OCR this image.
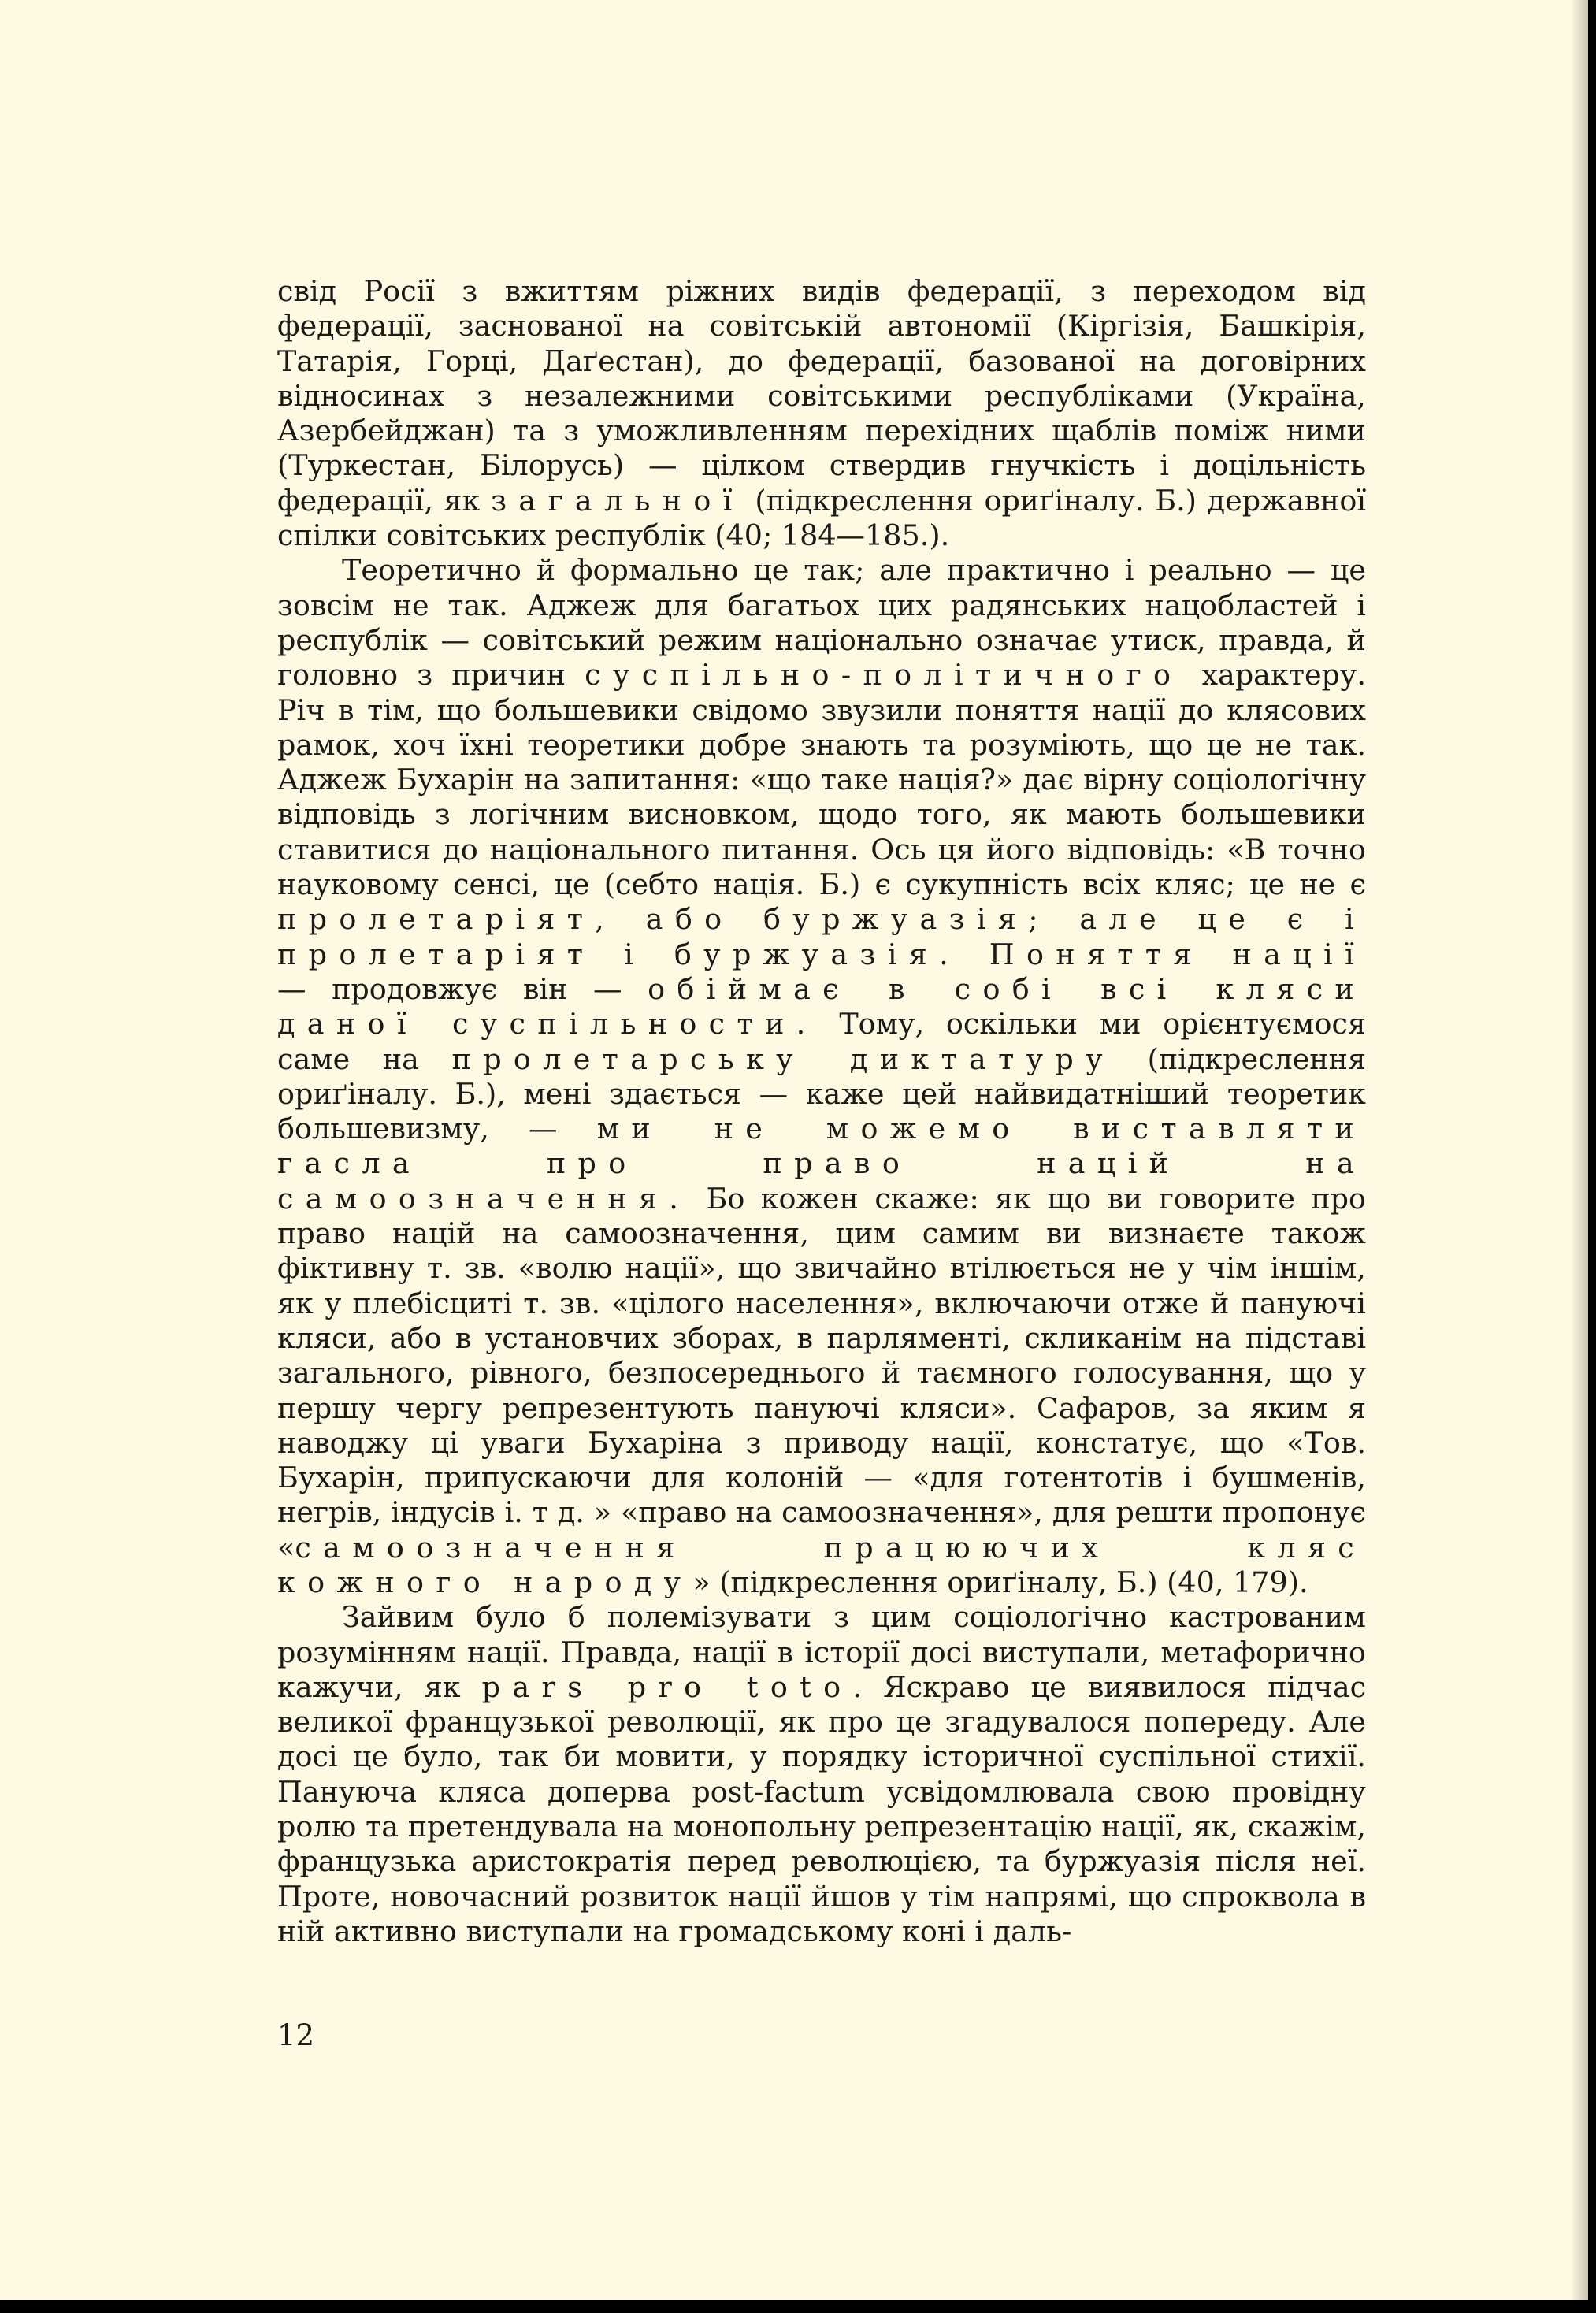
свід Росії з вжиттям ріжних видів федерації, з переходом від федерації, заснованої на совітській автономії (Кіргізія, Башкірія, Татарія, Горці, Даґестан), до федерації, базованої на договірних відносинах з незалежними совітськими республіками (Україна, Азербейджан) та з уможливленням перехідних щаблів поміж ними (Туркестан, Білорусь) — цілком ствердив гнучкість і доцільність федерації, як загальної (підкреслення ориґіналу. Б.) державної спілки совітських республік (40; 184—185.).

Теоретично й формально це так; але практично і реально — це зовсім не так. Аджеж для багатьох цих радянських нацобластей і республік — совітський режим національно означає утиск, правда, й головно з причин суспільно-політичного характеру. Річ в тім, що большевики свідомо звузили поняття нації до клясових рамок, хоч їхні теоретики добре знають та розуміють, що це не так. Аджеж Бухарін на запитання: «що таке нація?» дає вірну соціологічну відповідь з логічним висновком, щодо того, як мають большевики ставитися до національного питання. Ось ця його відповідь: «В точно науковому сенсі, це (себто нація. Б.) є сукупність всіх кляс; це не є пролетаріят, або буржуазія; але це є і пролетаріят і буржуазія. Поняття нації — продовжує він — обіймає в собі всі кляси даної суспільности. Тому, оскільки ми орієнтуємося саме на пролетарську диктатуру (підкреслення ориґіналу. Б.), мені здається — каже цей найвидатніший теоретик большевизму, — ми не можемо виставляти гасла про право націй на самоозначення. Бо кожен скаже: як що ви говорите про право націй на самоозначення, цим самим ви визнаєте також фіктивну т. зв. «волю нації», що звичайно втілюється не у чім іншім, як у плебісциті т. зв. «цілого населення», включаючи отже й пануючі кляси, або в установчих зборах, в парляменті, скликанім на підставі загального, рівного, безпосереднього й таємного голосування, що у першу чергу репрезентують пануючі кляси». Сафаров, за яким я наводжу ці уваги Бухаріна з приводу нації, констатує, що «Тов. Бухарін, припускаючи для колоній — «для готентотів і бушменів, негрів, індусів і. т д. » «право на самоозначення», для решти пропонує «самоозначення працюючих кляс кожного народу» (підкреслення ориґіналу, Б.) (40, 179).

Зайвим було б полемізувати з цим соціологічно кастрованим розумінням нації. Правда, нації в історії досі виступали, метафорично кажучи, як pars pro toto. Яскраво це виявилося підчас великої французької революції, як про це згадувалося попереду. Але досі це було, так би мовити, у порядку історичної суспільної стихії. Пануюча кляса допервa post-factum усвідомлювала свою провідну ролю та претендувала на монопольну репрезентацію нації, як, скажім, французька аристократія перед революцією, та буржуазія після неї. Проте, новочасний розвиток нації йшов у тім напрямі, що спроквола в ній активно виступали на громадському коні і даль-

12
